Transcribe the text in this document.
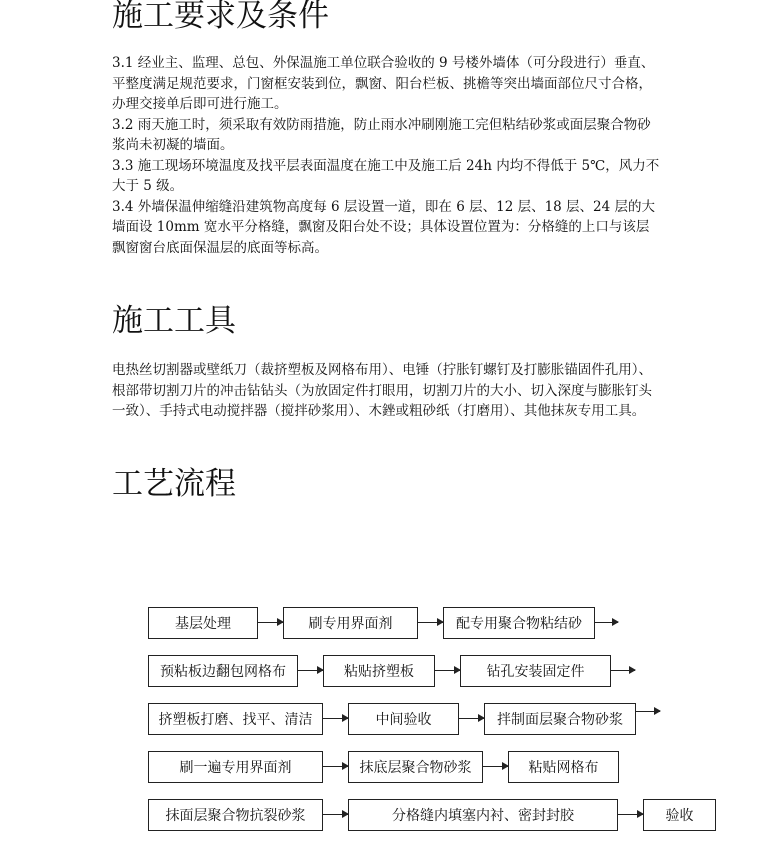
施工要求及条件
3.1 经业主、监理、总包、外保温施工单位联合验收的 9 号楼外墙体（可分段进行）垂直、
平整度满足规范要求，门窗框安装到位，飘窗、阳台栏板、挑檐等突出墙面部位尺寸合格，
办理交接单后即可进行施工。
3.2 雨天施工时，须采取有效防雨措施，防止雨水冲刷刚施工完但粘结砂浆或面层聚合物砂
浆尚未初凝的墙面。
3.3 施工现场环境温度及找平层表面温度在施工中及施工后 24h 内均不得低于 5℃，风力不
大于 5 级。
3.4 外墙保温伸缩缝沿建筑物高度每 6 层设置一道，即在 6 层、12 层、18 层、24 层的大
墙面设 10mm 宽水平分格缝，飘窗及阳台处不设；具体设置位置为：分格缝的上口与该层
飘窗窗台底面保温层的底面等标高。
施工工具
电热丝切割器或壁纸刀（裁挤塑板及网格布用）、电锤（拧胀钉螺钉及打膨胀锚固件孔用）、
根部带切割刀片的冲击钻钻头（为放固定件打眼用，切割刀片的大小、切入深度与膨胀钉头
一致）、手持式电动搅拌器（搅拌砂浆用）、木銼或粗砂纸（打磨用）、其他抹灰专用工具。
工艺流程
基层处理	刷专用界面剂	配专用聚合物粘结砂
预粘板边翻包网格布	粘贴挤塑板	钻孔安装固定件
挤塑板打磨、找平、清洁	中间验收	拌制面层聚合物砂浆
刷一遍专用界面剂	抹底层聚合物砂浆	粘贴网格布
抹面层聚合物抗裂砂浆	分格缝内填塞内衬、密封封胶	验收
